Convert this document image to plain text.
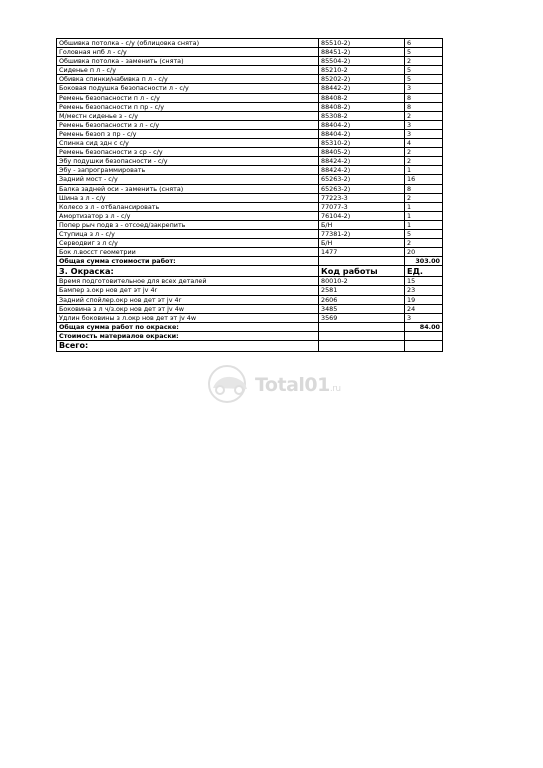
Обшивка потолка - с/у (облицовка снята)	85510-2)	6
Головная нпб л - с/у	88451-2)	5
Обшивка потолка - заменить (снята)	85504-2)	2
Сиденье п л - с/у	85210-2	5
Обивка спинки/набивка п л - с/у	85202-2)	5
Боковая подушка безопасности л - с/у	88442-2)	3
Ремень безопасности п л - с/у	88408-2	8
Ремень безопасности п пр - с/у	88408-2)	8
М/местн сиденье з - с/у	85308-2	2
Ремень безопасности з л - с/у	88404-2)	3
Ремень безоп з пр - с/у	88404-2)	3
Спинка сид здн с с/у	85310-2)	4
Ремень безопасности з ср - с/у	88405-2)	2
Эбу подушки безопасности - с/у	88424-2)	2
Эбу - запрограммировать	88424-2)	1
Задний мост - с/у	65263-2)	16
Балка задней оси - заменить (снята)	65263-2)	8
Шина з л - с/у	77223-3	2
Колесо з л - отбалансировать	77077-3	1
Амортизатор з л - с/у	76104-2)	1
Попер рыч подв з - отсоед/закрепить	Б/Н	1
Ступица з л - с/у	77381-2)	5
Серводвиг з л с/у	Б/Н	2
Бок л.восст геометрии	1477	20
Общая сумма стоимости работ:		303.00
3. Окраска:	Код работы	ЕД.
Время подготовительное для всех деталей	80010-2	15
Бампер з.окр нов дет эт jv 4r	2581	23
Задний спойлер.окр нов дет эт jv 4r	2606	19
Боковина з л ч/з.окр нов дет эт jv 4w	3485	24
Удлин боковины з л.окр нов дет эт jv 4w	3569	3
Общая сумма работ по окраске:		84.00
Стоимость материалов окраски:		
Всего:		
Total01.ru
